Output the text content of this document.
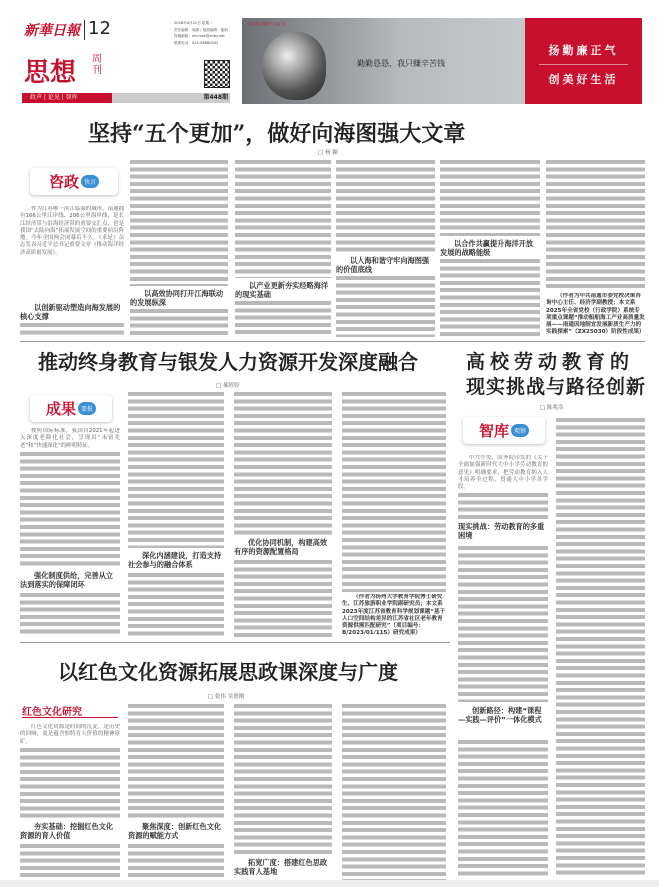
新華日報 12
思想 周刊
政声 | 论见 | 智库	第448期
2026年4月21日 星期二
责任编辑：周琼 / 版面编辑：郁帆
投稿邮箱：xhcmzk@xhby.net
联系电话：025-58680342
"讲文明 树新风"公益广告
勤勤恳恳，我只赚辛苦钱
扬勤廉正气
创美好生活
坚持“五个更加”，做好向海图强大文章
□ 杨 颖
咨政 快言
作为江苏唯一滨江临海的城市，南通拥有166公里江岸线、206公里海岸线，是长江经济带与沿海经济带的重要交汇点，也是我国“去陆向海”拓展发展空间的重要前沿阵地。今年全国两会闭幕后不久，《求是》杂志发表习近平总书记重要文章《推动海洋经济高质量发展》。
以创新驱动塑造向海发展的核心支撑
以高效协同打开江海联动的发展纵深
以产业更新夯实经略海洋的现实基础
以人海和谐守牢向海图强的价值底线
以合作共赢提升海洋开放发展的战略能级
（作者为中共南通市委党校决策咨询中心主任、经济学副教授；本文系2025年全省党校（行政学院）系统专项重点课题“推动船舶海工产业高质量发展——南通因地制宜发展新质生产力的实践探索”（ZX25030）阶段性成果）
推动终身教育与银发人力资源开发深度融合
□ 郝婷婷
成果 要报
按照国际标准，我国自2021年起进入深度老龄化社会，呈现出“未富先老”和“快速深化”的鲜明特征。
强化制度供给，完善从立法到落实的保障闭环
深化内涵建设，打造支持社会参与的融合体系
优化协同机制，构建高效有序的资源配置格局
（作者为扬州大学教育学院博士研究生、江苏旅游职业学院副研究员；本文系2023年度江苏省教育科学规划课题“基于人口空间结构差异的江苏省社区老年教育资源供需匹配研究”（项目编号：B/2023/01/115）研究成果）
高校劳动教育的
现实挑战与路径创新
□ 陈兆浩
智库 观察
中共中央、国务院印发的《关于全面加强新时代大中小学劳动教育的意见》明确要求，把劳动教育纳入人才培养全过程，贯通大中小学各学段。
现实挑战：劳动教育的多重困境
创新路径：构建“课程—实践—评价”一体化模式
以红色文化资源拓展思政课深度与广度
□ 张伟 吴德刚
红色文化研究
红色文化资源是时间的沉淀，是历史的回响，更是蕴含独特育人价值的精神富矿。
夯实基础：挖掘红色文化资源的育人价值
聚焦深度：创新红色文化资源的赋能方式
拓宽广度：搭建红色思政实践育人基地
